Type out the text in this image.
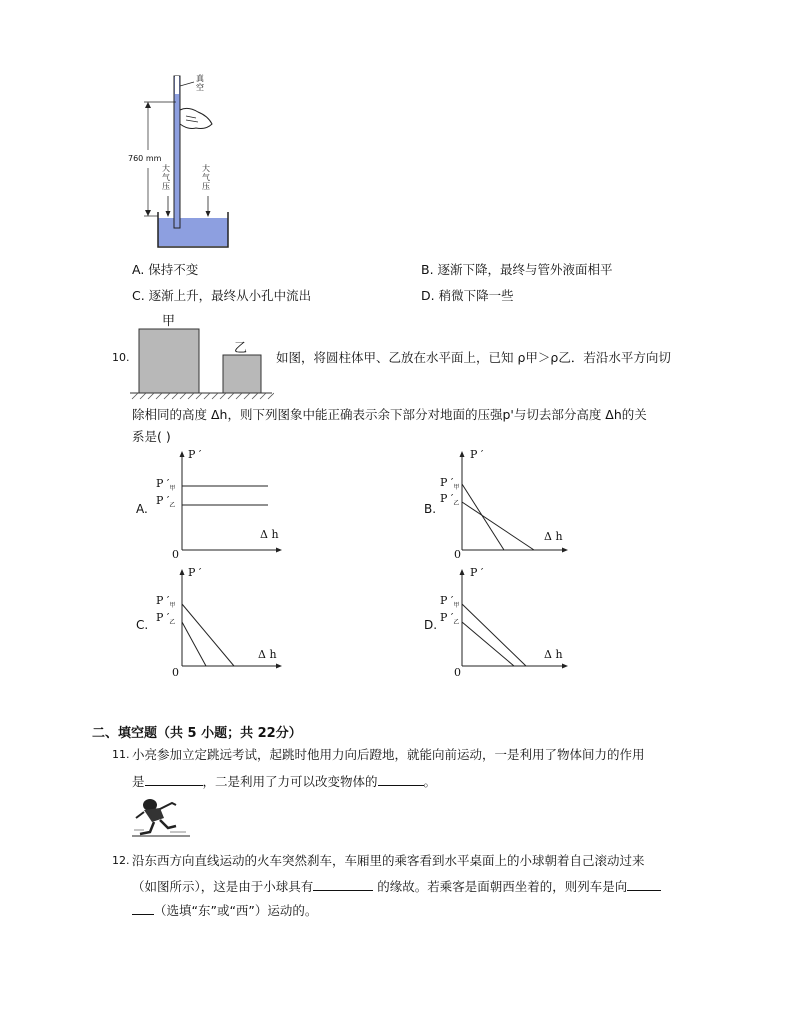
真空
760 mm
大气压
大气压
A. 保持不变	B. 逐渐下降，最终与管外液面相平
C. 逐渐上升，最终从小孔中流出	D. 稍微下降一些
10.
甲
乙
如图，将圆柱体甲、乙放在水平面上，已知 ρ甲＞ρ乙．若沿水平方向切
除相同的高度 Δh，则下列图象中能正确表示余下部分对地面的压强p'与切去部分高度 Δh的关
系是( )
A.
P ′
P $'_甲$
P $'_乙$
0
Δ h
B.
P ′
P $'_甲$
P $'_乙$
0
Δ h
C.
P ′
P $'_甲$
P $'_乙$
0
Δ h
D.
P ′
P $'_甲$
P $'_乙$
0
Δ h
二、填空题（共 5 小题；共 22分）
11. 小亮参加立定跳远考试，起跳时他用力向后蹬地，就能向前运动，一是利用了物体间力的作用
是	，二是利用了力可以改变物体的	。
12. 沿东西方向直线运动的火车突然刹车，车厢里的乘客看到水平桌面上的小球朝着自己滚动过来
（如图所示），这是由于小球具有	的缘故。若乘客是面朝西坐着的，则列车是向
（选填“东”或“西”）运动的。
